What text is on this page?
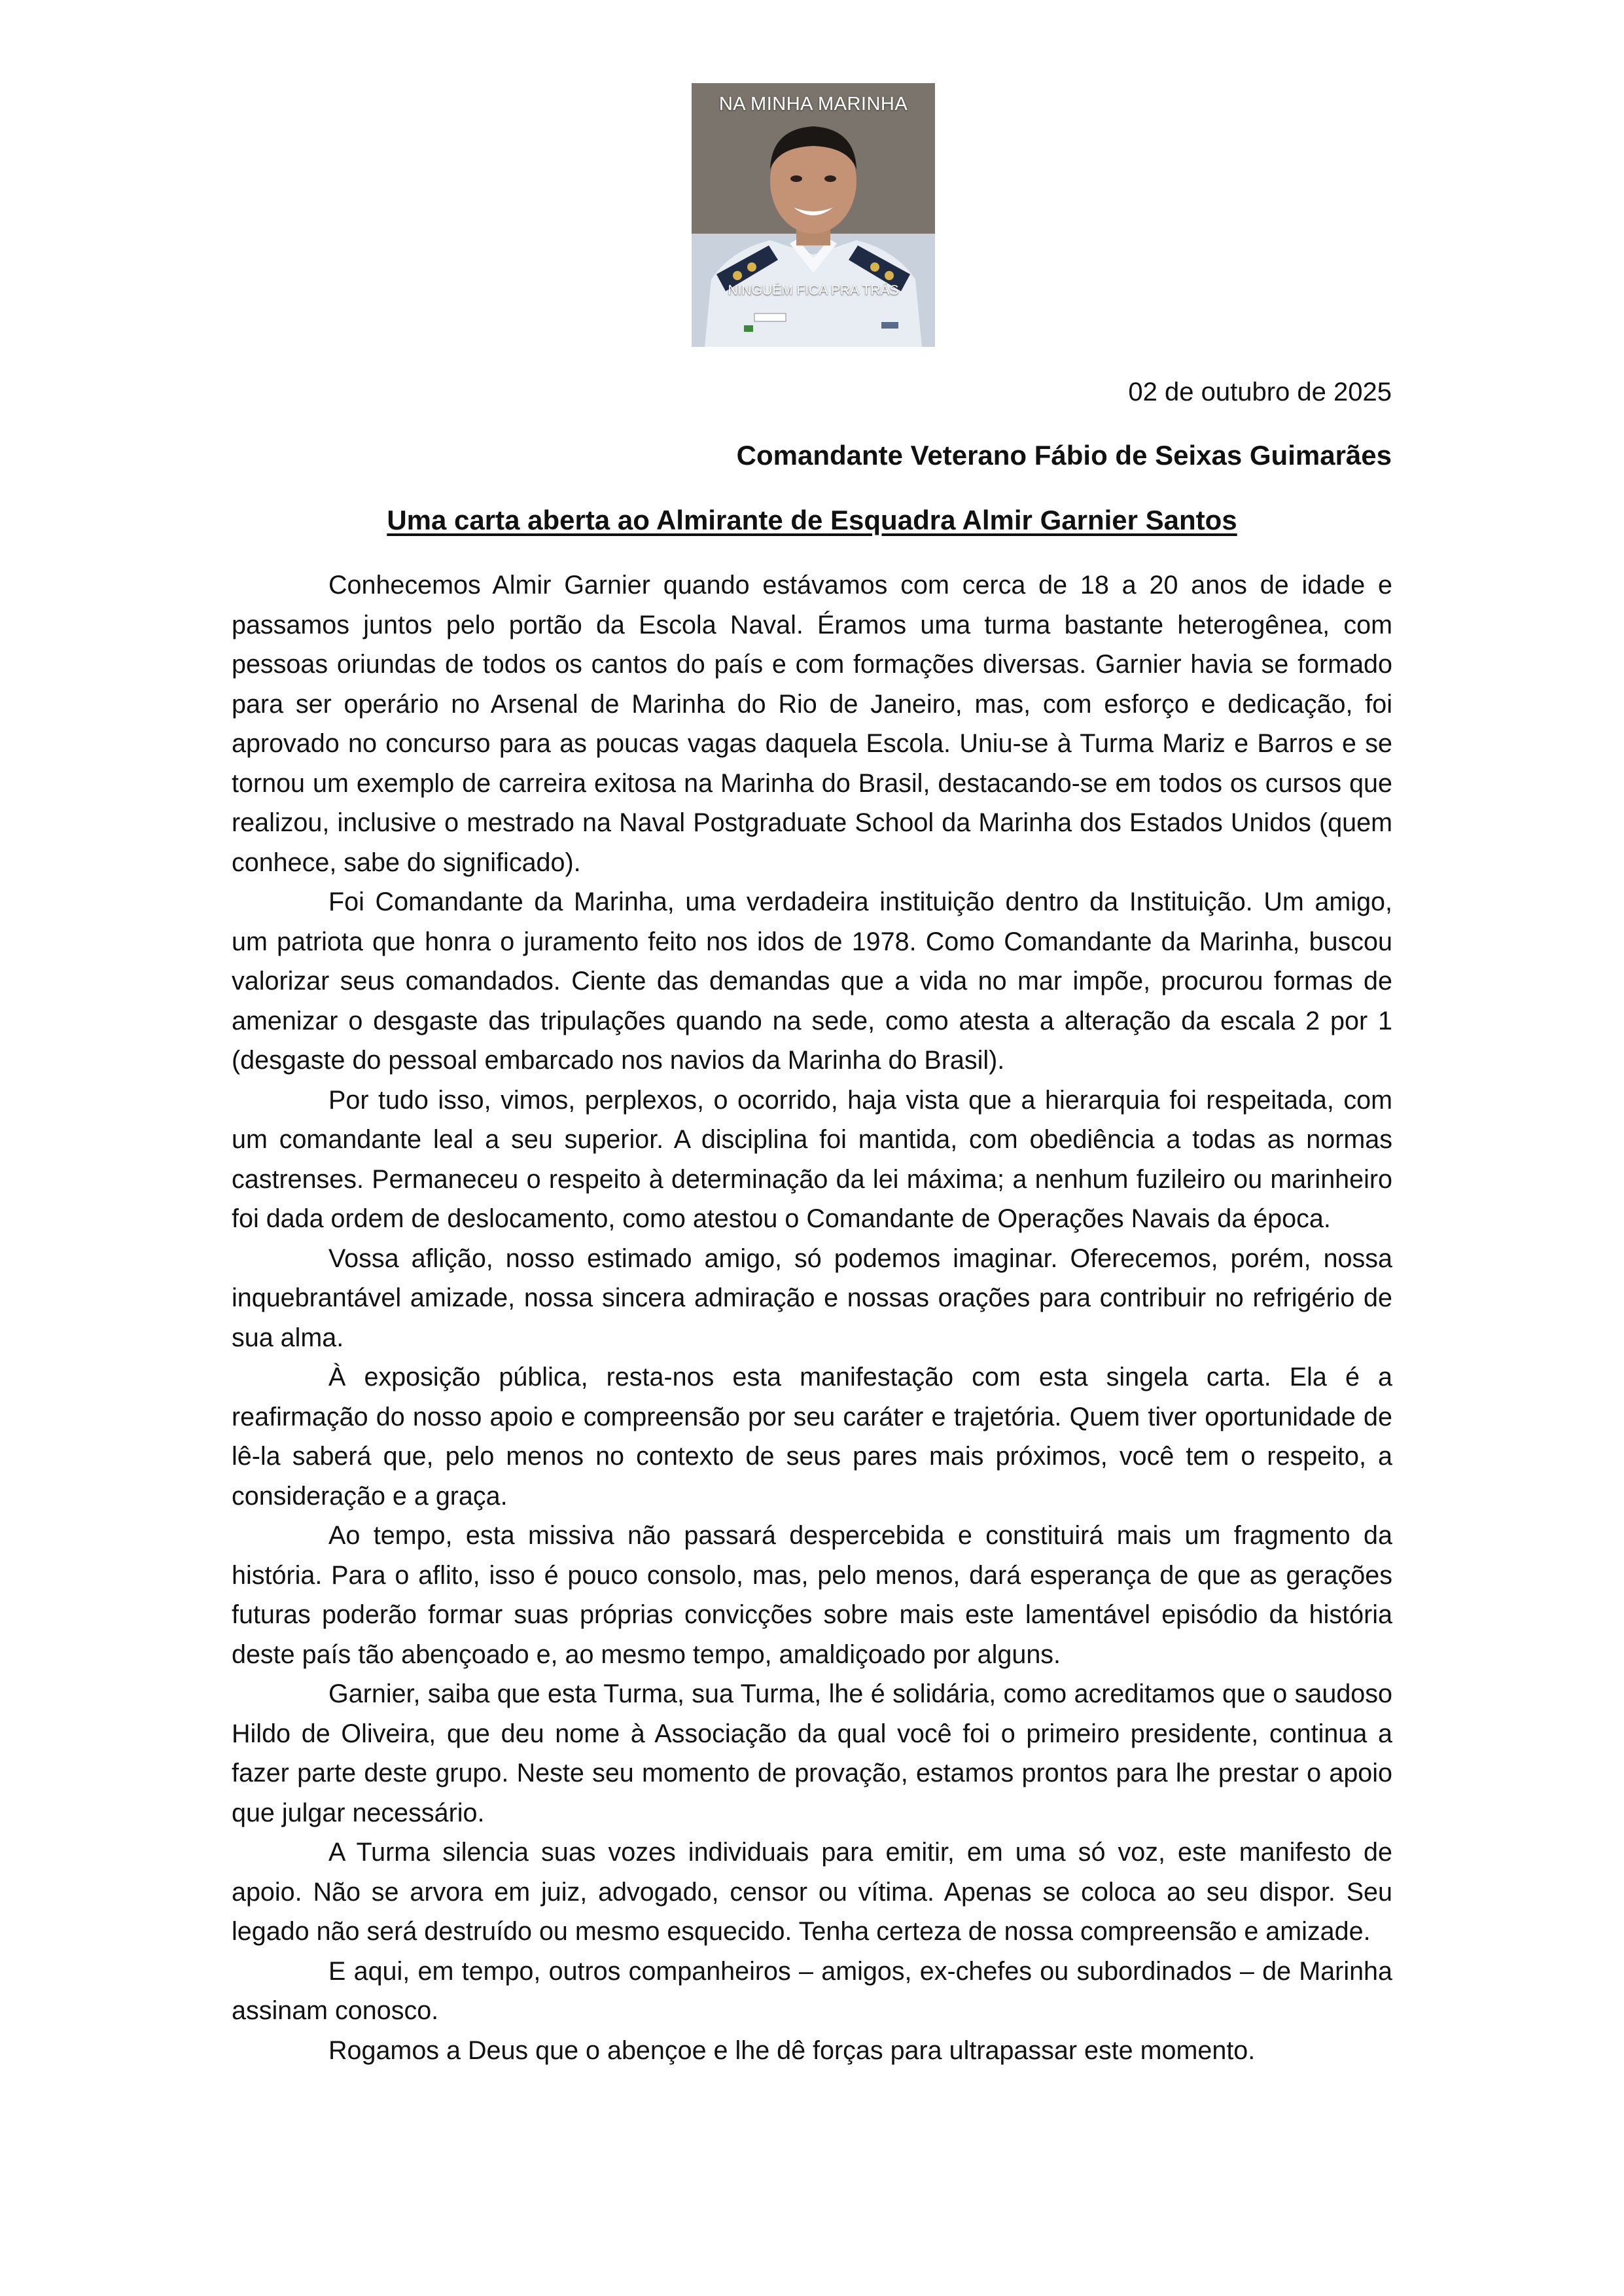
NA MINHA MARINHA
NINGUÉM FICA PRA TRÁS
02 de outubro de 2025
Comandante Veterano Fábio de Seixas Guimarães
Uma carta aberta ao Almirante de Esquadra Almir Garnier Santos

Conhecemos Almir Garnier quando estávamos com cerca de 18 a 20 anos de idade e passamos juntos pelo portão da Escola Naval. Éramos uma turma bastante heterogênea, com pessoas oriundas de todos os cantos do país e com formações diversas. Garnier havia se formado para ser operário no Arsenal de Marinha do Rio de Janeiro, mas, com esforço e dedicação, foi aprovado no concurso para as poucas vagas daquela Escola. Uniu-se à Turma Mariz e Barros e se tornou um exemplo de carreira exitosa na Marinha do Brasil, destacando-se em todos os cursos que realizou, inclusive o mestrado na Naval Postgraduate School da Marinha dos Estados Unidos (quem conhece, sabe do significado).

Foi Comandante da Marinha, uma verdadeira instituição dentro da Instituição. Um amigo, um patriota que honra o juramento feito nos idos de 1978. Como Comandante da Marinha, buscou valorizar seus comandados. Ciente das demandas que a vida no mar impõe, procurou formas de amenizar o desgaste das tripulações quando na sede, como atesta a alteração da escala 2 por 1 (desgaste do pessoal embarcado nos navios da Marinha do Brasil).

Por tudo isso, vimos, perplexos, o ocorrido, haja vista que a hierarquia foi respeitada, com um comandante leal a seu superior. A disciplina foi mantida, com obediência a todas as normas castrenses. Permaneceu o respeito à determinação da lei máxima; a nenhum fuzileiro ou marinheiro foi dada ordem de deslocamento, como atestou o Comandante de Operações Navais da época.

Vossa aflição, nosso estimado amigo, só podemos imaginar. Oferecemos, porém, nossa inquebrantável amizade, nossa sincera admiração e nossas orações para contribuir no refrigério de sua alma.

À exposição pública, resta-nos esta manifestação com esta singela carta. Ela é a reafirmação do nosso apoio e compreensão por seu caráter e trajetória. Quem tiver oportunidade de lê-la saberá que, pelo menos no contexto de seus pares mais próximos, você tem o respeito, a consideração e a graça.

Ao tempo, esta missiva não passará despercebida e constituirá mais um fragmento da história. Para o aflito, isso é pouco consolo, mas, pelo menos, dará esperança de que as gerações futuras poderão formar suas próprias convicções sobre mais este lamentável episódio da história deste país tão abençoado e, ao mesmo tempo, amaldiçoado por alguns.

Garnier, saiba que esta Turma, sua Turma, lhe é solidária, como acreditamos que o saudoso Hildo de Oliveira, que deu nome à Associação da qual você foi o primeiro presidente, continua a fazer parte deste grupo. Neste seu momento de provação, estamos prontos para lhe prestar o apoio que julgar necessário.

A Turma silencia suas vozes individuais para emitir, em uma só voz, este manifesto de apoio. Não se arvora em juiz, advogado, censor ou vítima. Apenas se coloca ao seu dispor. Seu legado não será destruído ou mesmo esquecido. Tenha certeza de nossa compreensão e amizade.

E aqui, em tempo, outros companheiros – amigos, ex-chefes ou subordinados – de Marinha assinam conosco.

Rogamos a Deus que o abençoe e lhe dê forças para ultrapassar este momento.
